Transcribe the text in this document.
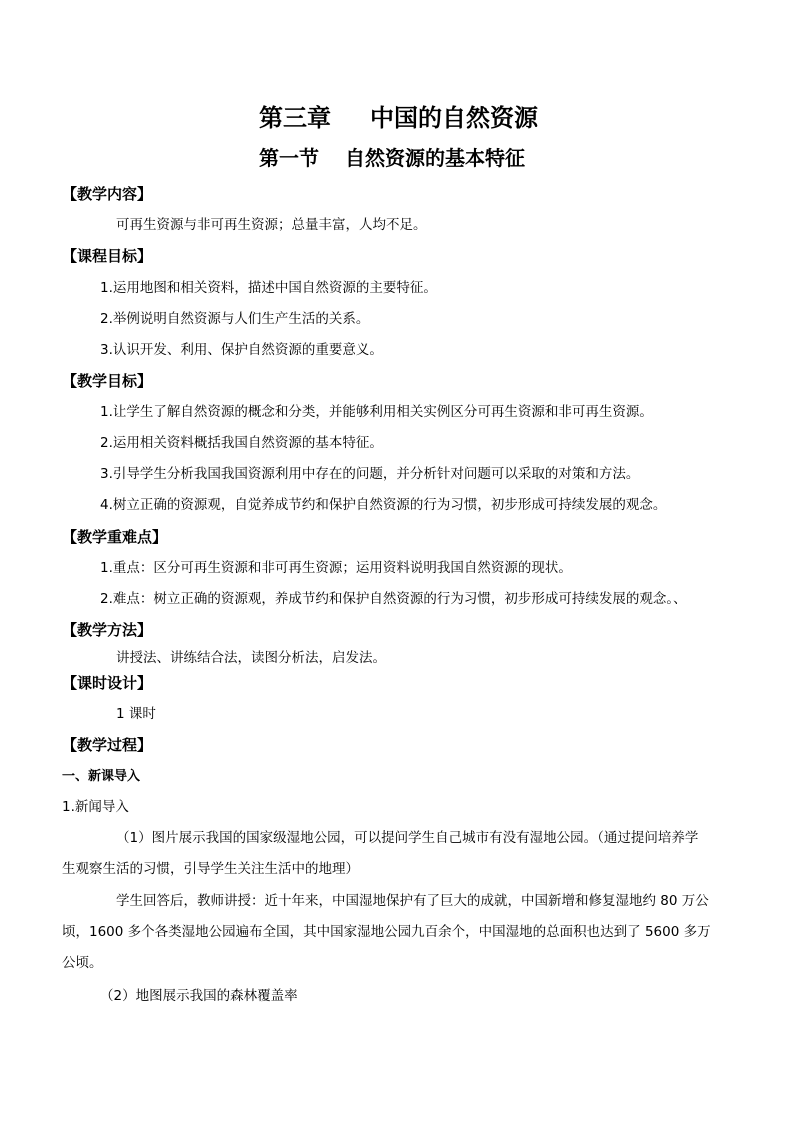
第三章 中国的自然资源
第一节 自然资源的基本特征
【教学内容】
可再生资源与非可再生资源；总量丰富，人均不足。
【课程目标】
1.运用地图和相关资料，描述中国自然资源的主要特征。
2.举例说明自然资源与人们生产生活的关系。
3.认识开发、利用、保护自然资源的重要意义。
【教学目标】
1.让学生了解自然资源的概念和分类，并能够利用相关实例区分可再生资源和非可再生资源。
2.运用相关资料概括我国自然资源的基本特征。
3.引导学生分析我国我国资源利用中存在的问题，并分析针对问题可以采取的对策和方法。
4.树立正确的资源观，自觉养成节约和保护自然资源的行为习惯，初步形成可持续发展的观念。
【教学重难点】
1.重点：区分可再生资源和非可再生资源；运用资料说明我国自然资源的现状。
2.难点：树立正确的资源观，养成节约和保护自然资源的行为习惯，初步形成可持续发展的观念。、
【教学方法】
讲授法、讲练结合法，读图分析法，启发法。
【课时设计】
1 课时
【教学过程】
一、新课导入
1.新闻导入
（1）图片展示我国的国家级湿地公园，可以提问学生自己城市有没有湿地公园。（通过提问培养学
生观察生活的习惯，引导学生关注生活中的地理）
学生回答后，教师讲授：近十年来，中国湿地保护有了巨大的成就，中国新增和修复湿地约 80 万公
顷，1600 多个各类湿地公园遍布全国，其中国家湿地公园九百余个，中国湿地的总面积也达到了 5600 多万
公顷。
（2）地图展示我国的森林覆盖率
